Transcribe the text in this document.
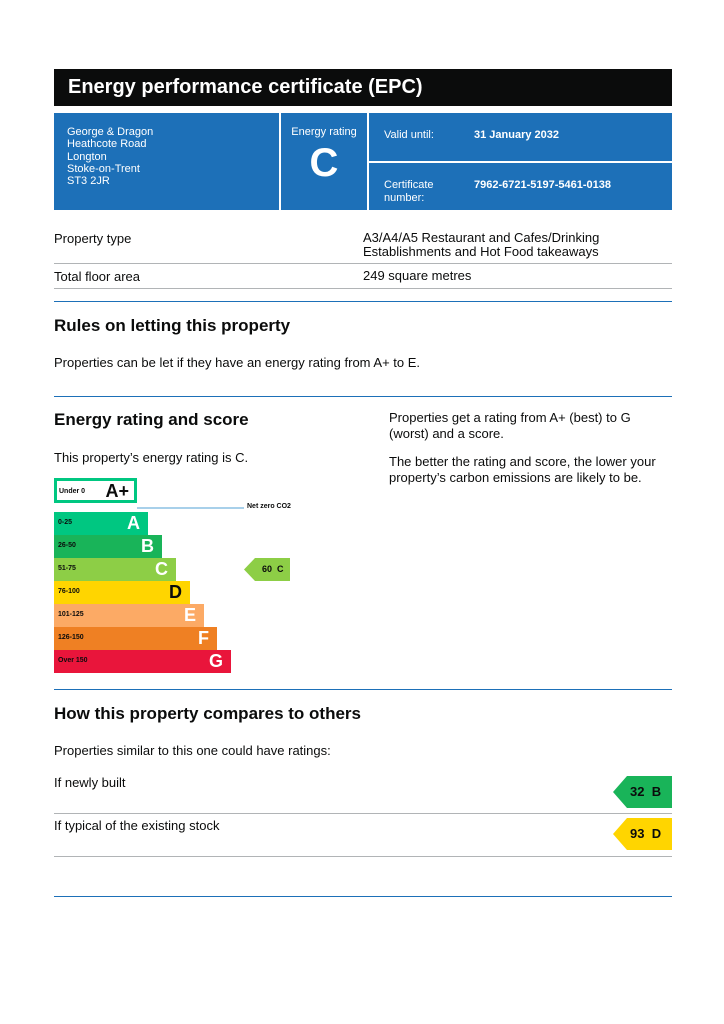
Energy performance certificate (EPC)
George & Dragon
Heathcote Road
Longton
Stoke-on-Trent
ST3 2JR
Energy rating
C
Valid until:	31 January 2032
Certificate number:
7962-6721-5197-5461-0138
Property type	A3/A4/A5 Restaurant and Cafes/Drinking Establishments and Hot Food takeaways
Total floor area	249 square metres
Rules on letting this property
Properties can be let if they have an energy rating from A+ to E.
Energy rating and score
This property’s energy rating is C.
Properties get a rating from A+ (best) to G (worst) and a score.
The better the rating and score, the lower your property’s carbon emissions are likely to be.
Under 0 A+
Net zero CO2
0-25	A
26-50	B
51-75	C
76-100	D
101-125	E
126-150	F
Over 150	G
60 C
How this property compares to others
Properties similar to this one could have ratings:
If newly built
32 B
If typical of the existing stock
93 D
